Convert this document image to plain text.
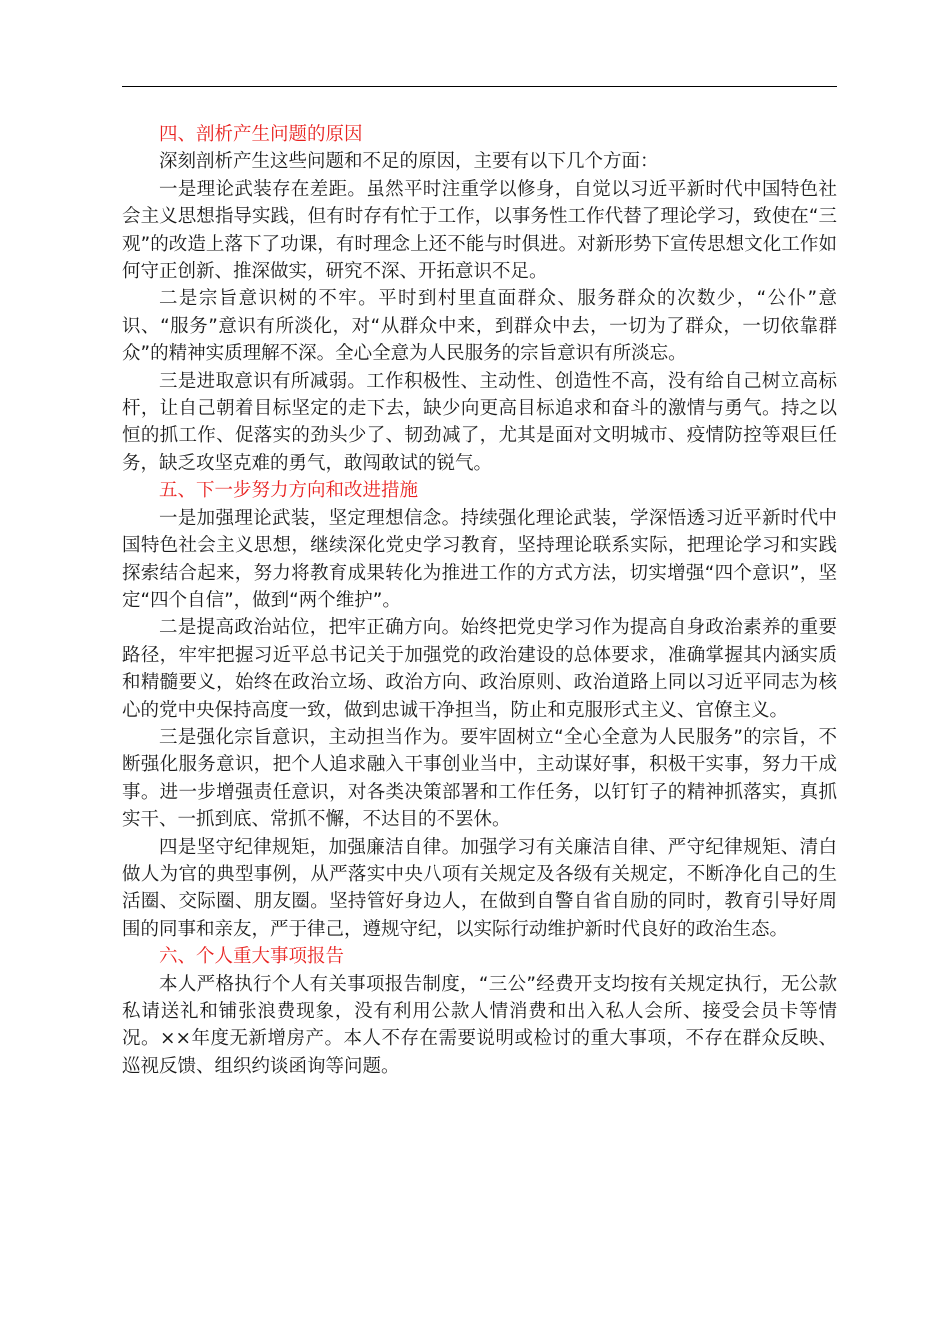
四、剖析产生问题的原因

深刻剖析产生这些问题和不足的原因，主要有以下几个方面：

一是理论武装存在差距。虽然平时注重学以修身，自觉以习近平新时代中国特色社会主义思想指导实践，但有时存有忙于工作，以事务性工作代替了理论学习，致使在“三观”的改造上落下了功课，有时理念上还不能与时俱进。对新形势下宣传思想文化工作如何守正创新、推深做实，研究不深、开拓意识不足。

二是宗旨意识树的不牢。平时到村里直面群众、服务群众的次数少，“公仆”意识、“服务”意识有所淡化，对“从群众中来，到群众中去，一切为了群众，一切依靠群众”的精神实质理解不深。全心全意为人民服务的宗旨意识有所淡忘。

三是进取意识有所减弱。工作积极性、主动性、创造性不高，没有给自己树立高标杆，让自己朝着目标坚定的走下去，缺少向更高目标追求和奋斗的激情与勇气。持之以恒的抓工作、促落实的劲头少了、韧劲减了，尤其是面对文明城市、疫情防控等艰巨任务，缺乏攻坚克难的勇气，敢闯敢试的锐气。

五、下一步努力方向和改进措施

一是加强理论武装，坚定理想信念。持续强化理论武装，学深悟透习近平新时代中国特色社会主义思想，继续深化党史学习教育，坚持理论联系实际，把理论学习和实践探索结合起来，努力将教育成果转化为推进工作的方式方法，切实增强“四个意识”，坚定“四个自信”，做到“两个维护”。

二是提高政治站位，把牢正确方向。始终把党史学习作为提高自身政治素养的重要路径，牢牢把握习近平总书记关于加强党的政治建设的总体要求，准确掌握其内涵实质和精髓要义，始终在政治立场、政治方向、政治原则、政治道路上同以习近平同志为核心的党中央保持高度一致，做到忠诚干净担当，防止和克服形式主义、官僚主义。

三是强化宗旨意识，主动担当作为。要牢固树立“全心全意为人民服务”的宗旨，不断强化服务意识，把个人追求融入干事创业当中，主动谋好事，积极干实事，努力干成事。进一步增强责任意识，对各类决策部署和工作任务，以钉钉子的精神抓落实，真抓实干、一抓到底、常抓不懈，不达目的不罢休。

四是坚守纪律规矩，加强廉洁自律。加强学习有关廉洁自律、严守纪律规矩、清白做人为官的典型事例，从严落实中央八项有关规定及各级有关规定，不断净化自己的生活圈、交际圈、朋友圈。坚持管好身边人，在做到自警自省自励的同时，教育引导好周围的同事和亲友，严于律己，遵规守纪，以实际行动维护新时代良好的政治生态。

六、个人重大事项报告

本人严格执行个人有关事项报告制度，“三公”经费开支均按有关规定执行，无公款私请送礼和铺张浪费现象，没有利用公款人情消费和出入私人会所、接受会员卡等情况。××年度无新增房产。本人不存在需要说明或检讨的重大事项，不存在群众反映、巡视反馈、组织约谈函询等问题。
